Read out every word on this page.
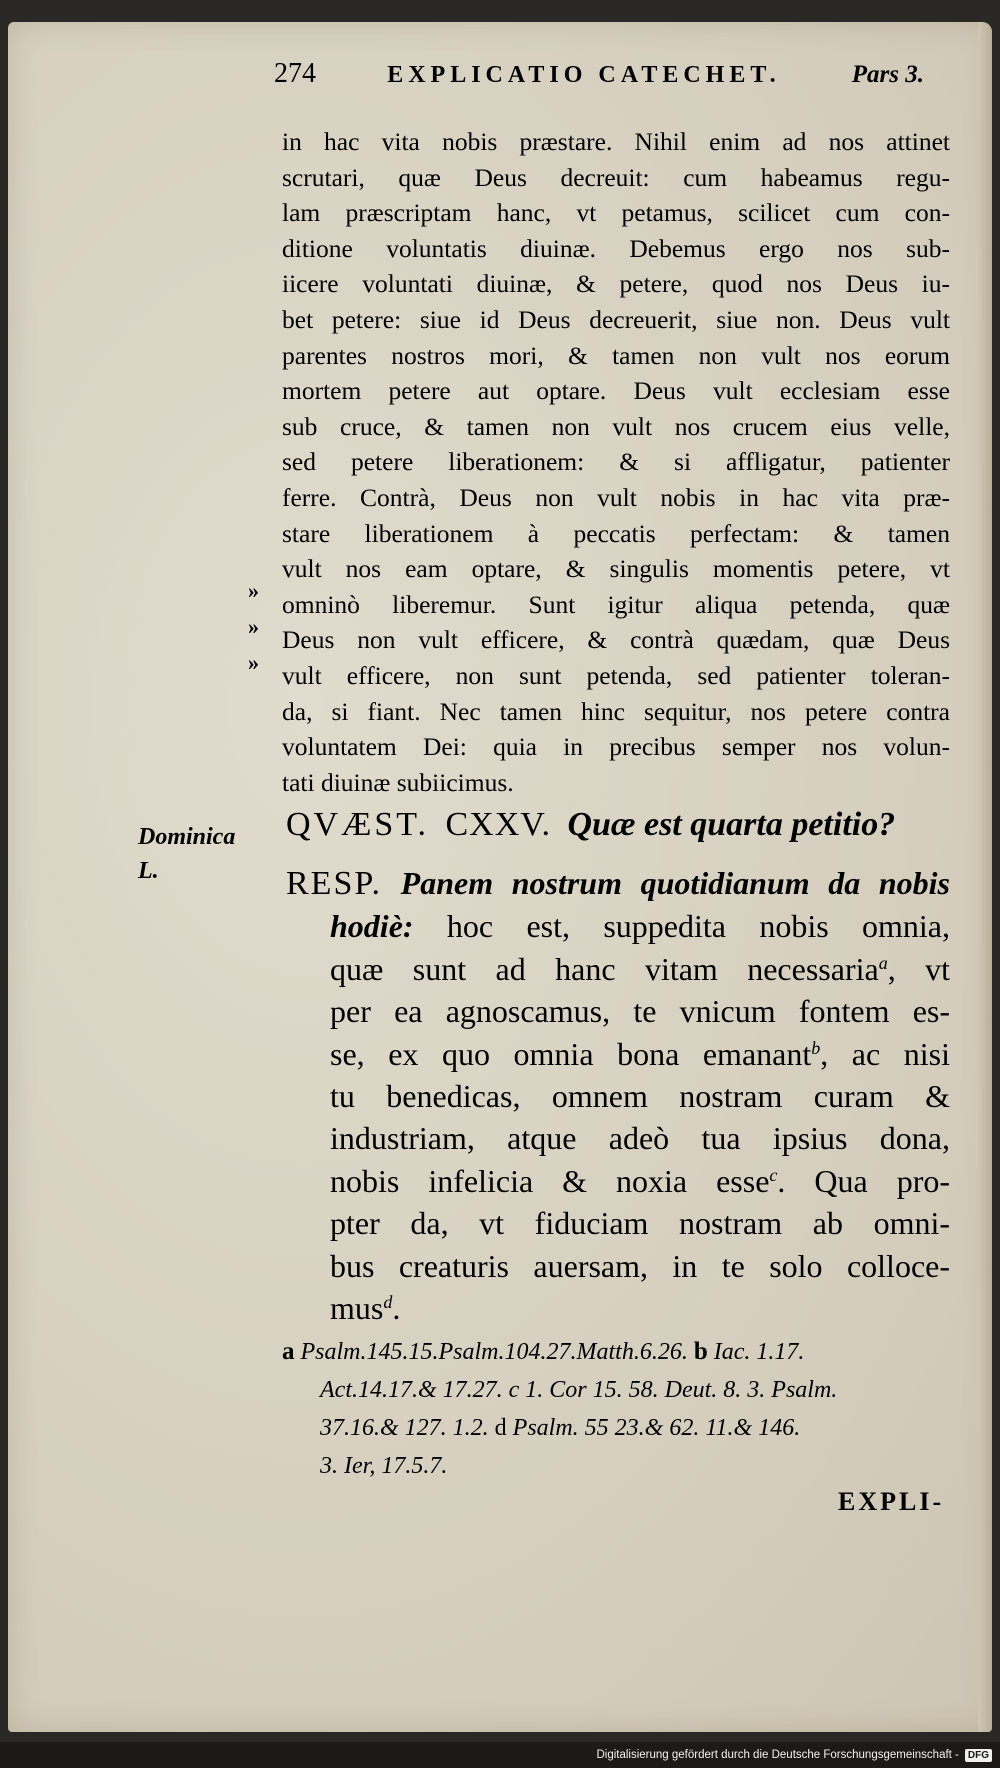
274	EXPLICATIO CATECHET.	Pars 3.
in hac vita nobis præstare. Nihil enim ad nos attinet
scrutari, quæ Deus decreuit: cum habeamus regu-
lam præscriptam hanc, vt petamus, scilicet cum con-
ditione voluntatis diuinæ. Debemus ergo nos sub-
iicere voluntati diuinæ, & petere, quod nos Deus iu-
bet petere: siue id Deus decreuerit, siue non. Deus vult
parentes nostros mori, & tamen non vult nos eorum
mortem petere aut optare. Deus vult ecclesiam esse
sub cruce, & tamen non vult nos crucem eius velle,
sed petere liberationem: & si affligatur, patienter
ferre. Contrà, Deus non vult nobis in hac vita præ-
stare liberationem à peccatis perfectam: & tamen
vult nos eam optare, & singulis momentis petere, vt
omninò liberemur. Sunt igitur aliqua petenda, quæ
Deus non vult efficere, & contrà quædam, quæ Deus
vult efficere, non sunt petenda, sed patienter toleran-
da, si fiant. Nec tamen hinc sequitur, nos petere contra
voluntatem Dei: quia in precibus semper nos volun-
tati diuinæ subiicimus.
»
»
»
Dominica
L.
QVÆST. CXXV. Quæ est quarta petitio?
RESP. Panem nostrum quotidianum da nobis
hodiè: hoc est, suppedita nobis omnia,
quæ sunt ad hanc vitam necessaria$^a$, vt
per ea agnoscamus, te vnicum fontem es-
se, ex quo omnia bona emanant$^b$, ac nisi
tu benedicas, omnem nostram curam &
industriam, atque adeò tua ipsius dona,
nobis infelicia & noxia esse$^c$. Qua pro-
pter da, vt fiduciam nostram ab omni-
bus creaturis auersam, in te solo collocе-
mus$^d$.
a Psalm.145.15.Psalm.104.27.Matth.6.26. b Iac. 1.17.
Act.14.17.& 17.27. c 1. Cor 15. 58. Deut. 8. 3. Psalm.
37.16.& 127. 1.2. d Psalm. 55 23.& 62. 11.& 146.
3. Ier, 17.5.7.
EXPLI-
Digitalisierung gefördert durch die Deutsche Forschungsgemeinschaft - DFG
